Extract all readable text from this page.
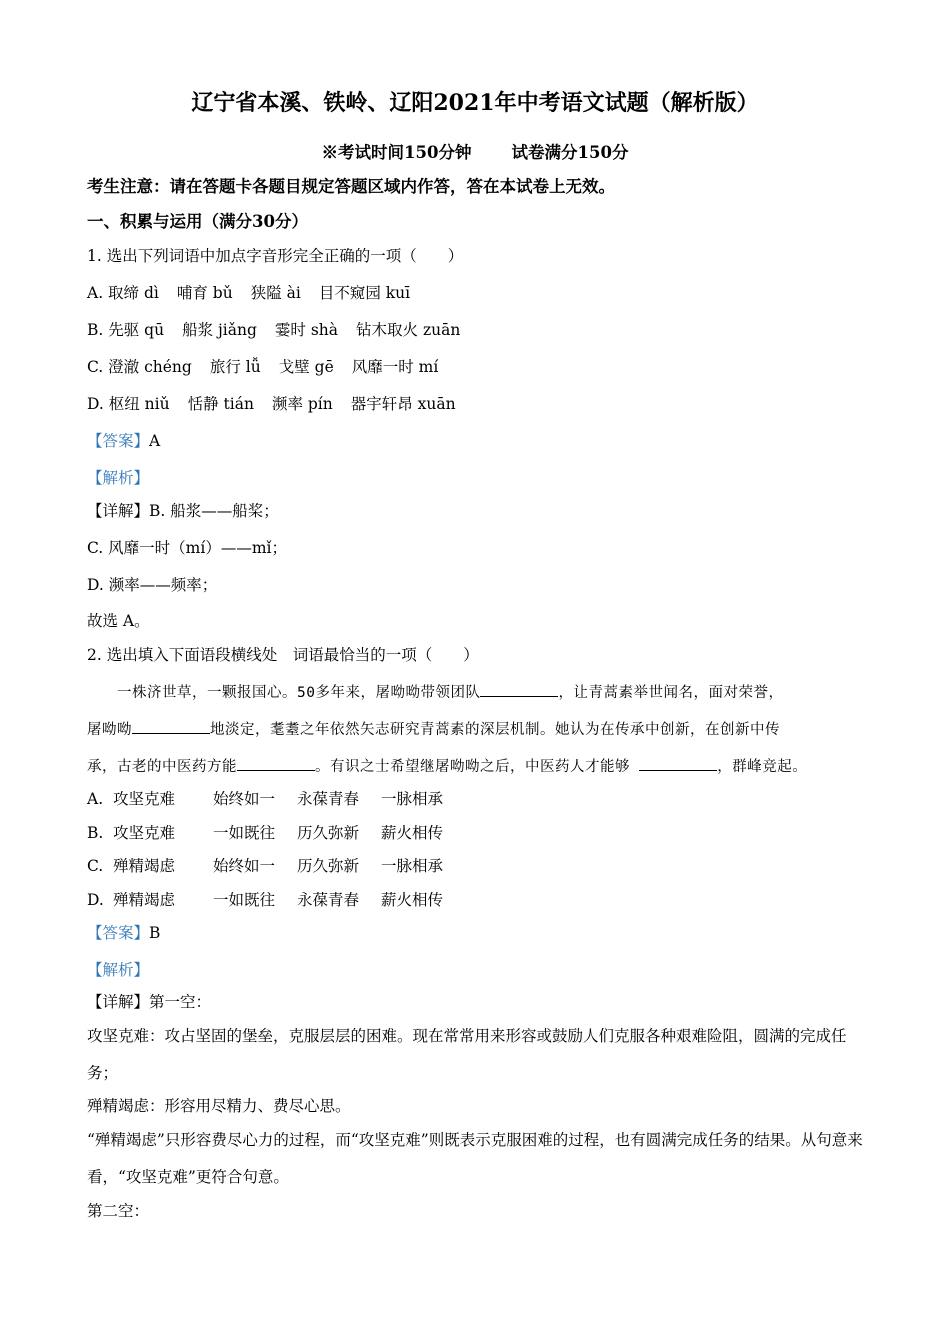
辽宁省本溪、铁岭、辽阳2021年中考语文试题（解析版）
※考试时间150分钟 试卷满分150分
考生注意：请在答题卡各题目规定答题区域内作答，答在本试卷上无效。
一、积累与运用（满分30分）
1. 选出下列词语中加点字音形完全正确的一项（　　）
A. 取缔 dì 哺育 bǔ 狭隘 ài 目不窥园 kuī
B. 先驱 qū 船浆 jiǎng 霎时 shà 钻木取火 zuān
C. 澄澈 chéng 旅行 lǚ 戈壁 gē 风靡一时 mí
D. 枢纽 niǔ 恬静 tián 濒率 pín 器宇轩昂 xuān
【答案】A
【解析】
【详解】B. 船浆——船桨；
C. 风靡一时（mí）——mǐ；
D. 濒率——频率；
故选 A。
2. 选出填入下面语段横线处　词语最恰当的一项（　　）
　　一株济世草，一颗报国心。50多年来，屠呦呦带领团队	，让青蒿素举世闻名，面对荣誉，
屠呦呦	地淡定，耄耋之年依然矢志研究青蒿素的深层机制。她认为在传承中创新，在创新中传
承，古老的中医药方能	。有识之士希望继屠呦呦之后，中医药人才能够	，群峰竞起。
A. 攻坚克难 始终如一 永葆青春 一脉相承
B. 攻坚克难 一如既往 历久弥新 薪火相传
C. 殚精竭虑 始终如一 历久弥新 一脉相承
D. 殚精竭虑 一如既往 永葆青春 薪火相传
【答案】B
【解析】
【详解】第一空：
攻坚克难：攻占坚固的堡垒，克服层层的困难。现在常常用来形容或鼓励人们克服各种艰难险阻，圆满的完成任务；
殚精竭虑：形容用尽精力、费尽心思。
“殚精竭虑”只形容费尽心力的过程，而“攻坚克难”则既表示克服困难的过程，也有圆满完成任务的结果。从句意来看，“攻坚克难”更符合句意。
第二空：
